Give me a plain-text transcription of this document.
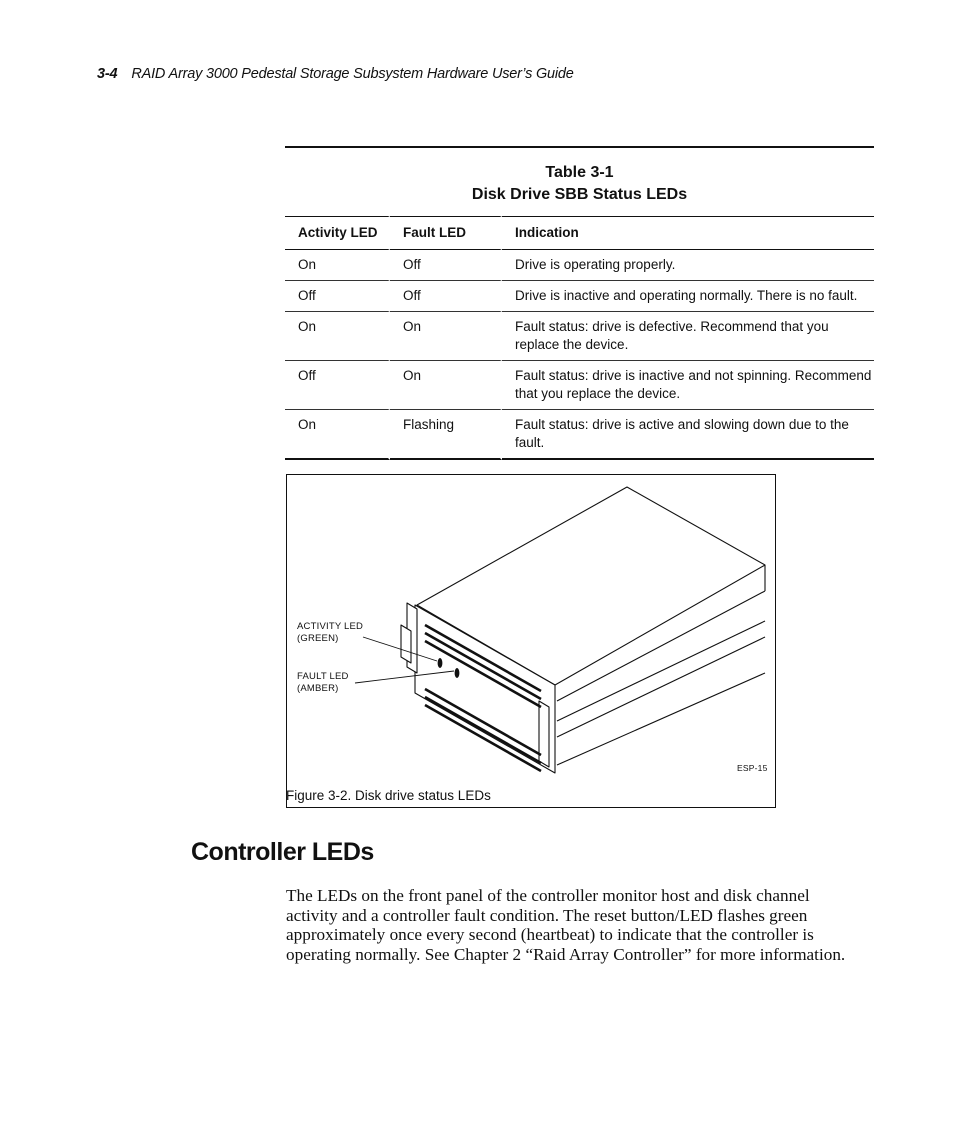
3-4 RAID Array 3000 Pedestal Storage Subsystem Hardware User’s Guide
Table 3-1
Disk Drive SBB Status LEDs
Activity LED	Fault LED	Indication
On	Off	Drive is operating properly.
Off	Off	Drive is inactive and operating normally. There is no fault.
On	On	Fault status: drive is defective. Recommend that you replace the device.
Off	On	Fault status: drive is inactive and not spinning. Recommend that you replace the device.
On	Flashing	Fault status: drive is active and slowing down due to the fault.
ACTIVITY LED
(GREEN)
FAULT LED
(AMBER)
ESP-15
Figure 3-2. Disk drive status LEDs
Controller LEDs
The LEDs on the front panel of the controller monitor host and disk channel activity and a controller fault condition. The reset button/LED flashes green approximately once every second (heartbeat) to indicate that the controller is operating normally. See Chapter 2 “Raid Array Controller” for more information.
